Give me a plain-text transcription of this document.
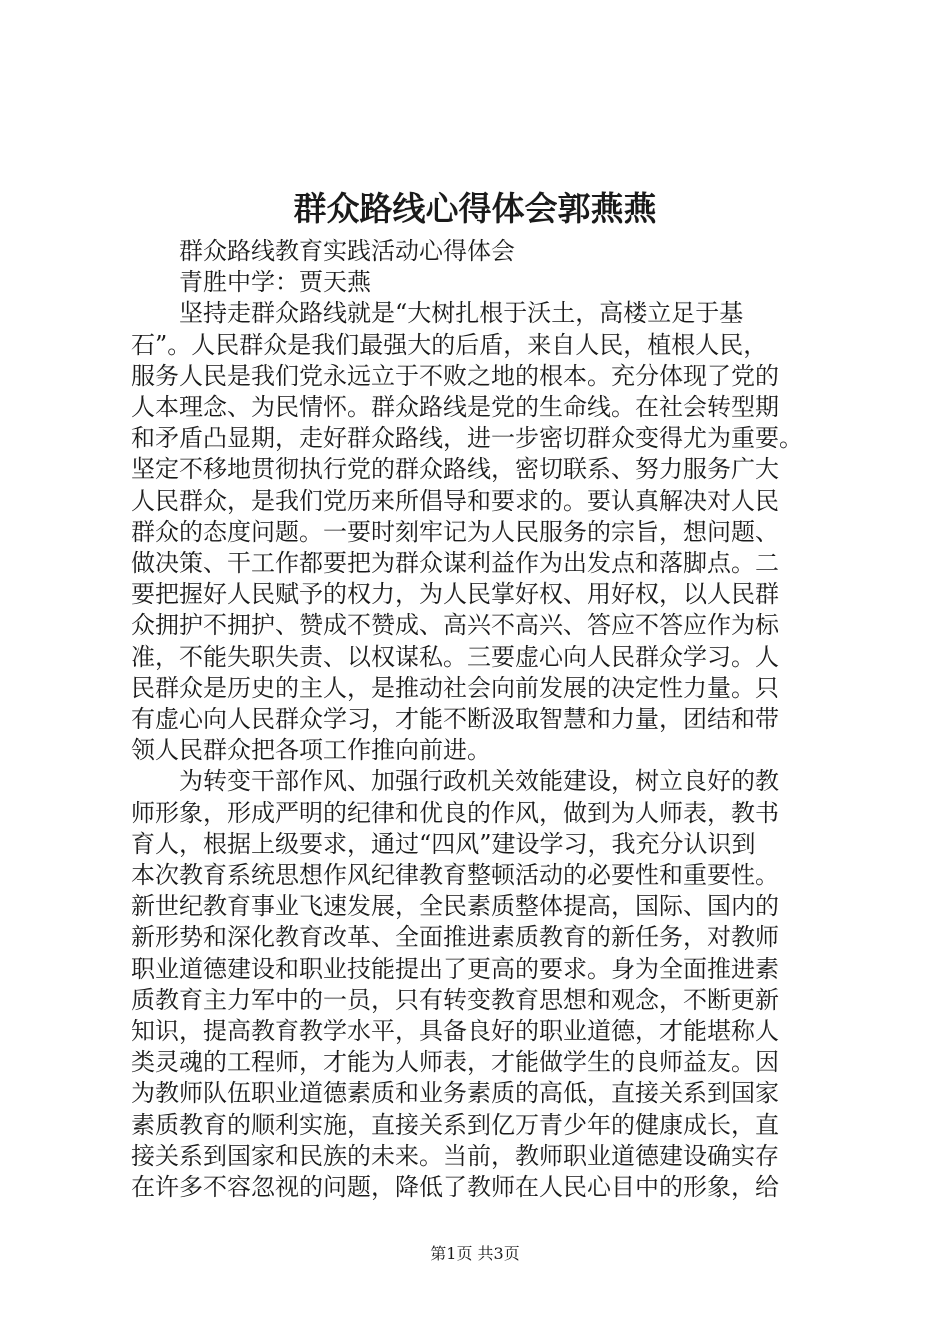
群众路线心得体会郭燕燕
群众路线教育实践活动心得体会
青胜中学：贾天燕
坚持走群众路线就是“大树扎根于沃土，高楼立足于基
石”。人民群众是我们最强大的后盾，来自人民，植根人民，
服务人民是我们党永远立于不败之地的根本。充分体现了党的
人本理念、为民情怀。群众路线是党的生命线。在社会转型期
和矛盾凸显期，走好群众路线，进一步密切群众变得尤为重要。
坚定不移地贯彻执行党的群众路线，密切联系、努力服务广大
人民群众，是我们党历来所倡导和要求的。要认真解决对人民
群众的态度问题。一要时刻牢记为人民服务的宗旨，想问题、
做决策、干工作都要把为群众谋利益作为出发点和落脚点。二
要把握好人民赋予的权力，为人民掌好权、用好权，以人民群
众拥护不拥护、赞成不赞成、高兴不高兴、答应不答应作为标
准，不能失职失责、以权谋私。三要虚心向人民群众学习。人
民群众是历史的主人，是推动社会向前发展的决定性力量。只
有虚心向人民群众学习，才能不断汲取智慧和力量，团结和带
领人民群众把各项工作推向前进。
为转变干部作风、加强行政机关效能建设，树立良好的教
师形象，形成严明的纪律和优良的作风，做到为人师表，教书
育人，根据上级要求，通过“四风”建设学习，我充分认识到
本次教育系统思想作风纪律教育整顿活动的必要性和重要性。
新世纪教育事业飞速发展，全民素质整体提高，国际、国内的
新形势和深化教育改革、全面推进素质教育的新任务，对教师
职业道德建设和职业技能提出了更高的要求。身为全面推进素
质教育主力军中的一员，只有转变教育思想和观念，不断更新
知识，提高教育教学水平，具备良好的职业道德，才能堪称人
类灵魂的工程师，才能为人师表，才能做学生的良师益友。因
为教师队伍职业道德素质和业务素质的高低，直接关系到国家
素质教育的顺利实施，直接关系到亿万青少年的健康成长，直
接关系到国家和民族的未来。当前，教师职业道德建设确实存
在许多不容忽视的问题，降低了教师在人民心目中的形象，给
第1页 共3页
